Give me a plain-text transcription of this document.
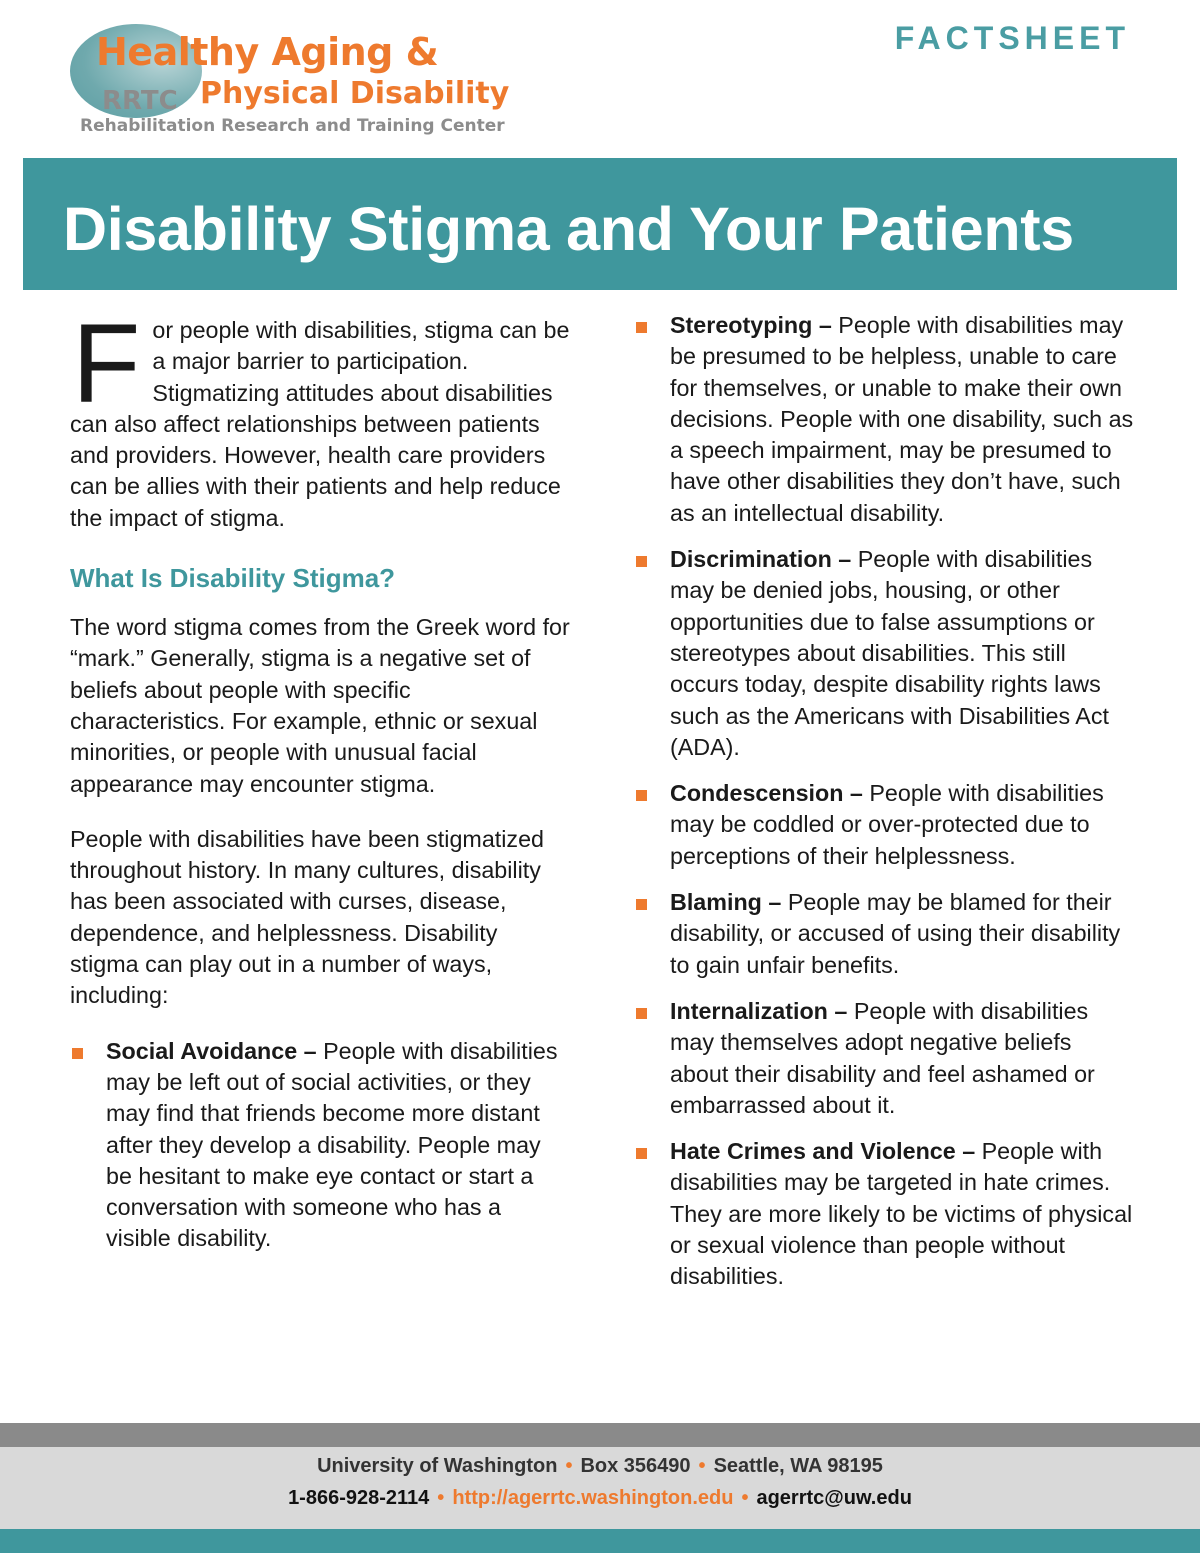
Healthy Aging &
RRTC Physical Disability
Rehabilitation Research and Training Center
FACTSHEET
Disability Stigma and Your Patients
F or people with disabilities, stigma can be a major barrier to participation. Stigmatizing attitudes about disabilities can also affect relationships between patients and providers. However, health care providers can be allies with their patients and help reduce the impact of stigma.

What Is Disability Stigma?

The word stigma comes from the Greek word for “mark.” Generally, stigma is a negative set of beliefs about people with specific characteristics. For example, ethnic or sexual minorities, or people with unusual facial appearance may encounter stigma.

People with disabilities have been stigmatized throughout history. In many cultures, disability has been associated with curses, disease, dependence, and helplessness. Disability stigma can play out in a number of ways, including:

Social Avoidance – People with disabilities may be left out of social activities, or they may find that friends become more distant after they develop a disability. People may be hesitant to make eye contact or start a conversation with someone who has a visible disability.
Stereotyping – People with disabilities may be presumed to be helpless, unable to care for themselves, or unable to make their own decisions. People with one disability, such as a speech impairment, may be presumed to have other disabilities they don’t have, such as an intellectual disability.
Discrimination – People with disabilities may be denied jobs, housing, or other opportunities due to false assumptions or stereotypes about disabilities. This still occurs today, despite disability rights laws such as the Americans with Disabilities Act (ADA).
Condescension – People with disabilities may be coddled or over-protected due to perceptions of their helplessness.
Blaming – People may be blamed for their disability, or accused of using their disability to gain unfair benefits.
Internalization – People with disabilities may themselves adopt negative beliefs about their disability and feel ashamed or embarrassed about it.
Hate Crimes and Violence – People with disabilities may be targeted in hate crimes. They are more likely to be victims of physical or sexual violence than people without disabilities.
University of Washington • Box 356490 • Seattle, WA 98195
1-866-928-2114 • http://agerrtc.washington.edu • agerrtc@uw.edu
